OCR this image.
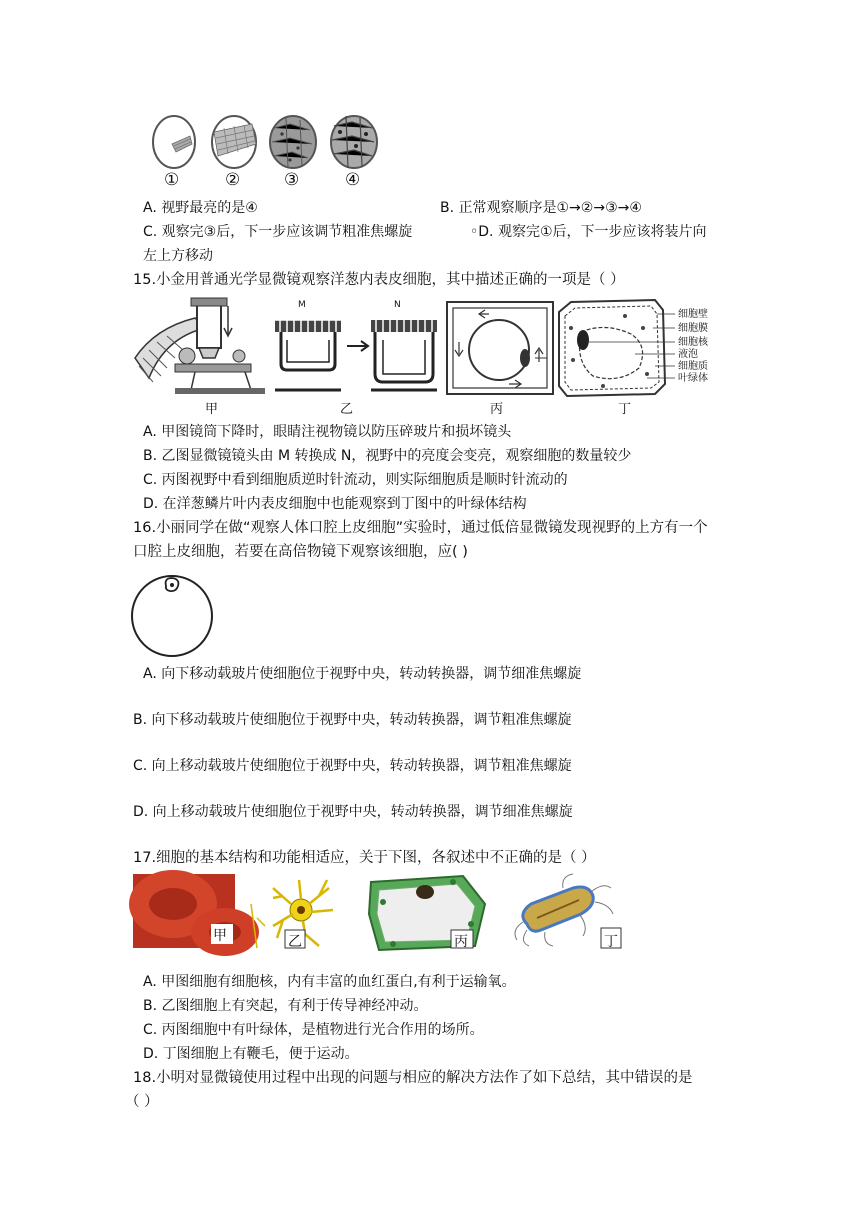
①	②	③	④
A. 视野最亮的是④	B. 正常观察顺序是①→②→③→④
C. 观察完③后，下一步应该调节粗准焦螺旋	◦D. 观察完①后，下一步应该将装片向
左上方移动
15.小金用普通光学显微镜观察洋葱内表皮细胞，其中描述正确的一项是（ ）
M	N
细胞壁
细胞膜
细胞核
液泡
细胞质
叶绿体
甲	乙	丙	丁
A. 甲图镜筒下降时，眼睛注视物镜以防压碎玻片和损坏镜头
B. 乙图显微镜镜头由 M 转换成 N，视野中的亮度会变亮，观察细胞的数量较少
C. 丙图视野中看到细胞质逆时针流动，则实际细胞质是顺时针流动的
D. 在洋葱鳞片叶内表皮细胞中也能观察到丁图中的叶绿体结构
16.小丽同学在做“观察人体口腔上皮细胞”实验时，通过低倍显微镜发现视野的上方有一个
口腔上皮细胞，若要在高倍物镜下观察该细胞，应( )
A. 向下移动载玻片使细胞位于视野中央，转动转换器，调节细准焦螺旋
B. 向下移动载玻片使细胞位于视野中央，转动转换器，调节粗准焦螺旋
C. 向上移动载玻片使细胞位于视野中央，转动转换器，调节粗准焦螺旋
D. 向上移动载玻片使细胞位于视野中央，转动转换器，调节细准焦螺旋
17.细胞的基本结构和功能相适应，关于下图，各叙述中不正确的是（ ）
甲	乙	丙	丁
A. 甲图细胞有细胞核，内有丰富的血红蛋白,有利于运输氧。
B. 乙图细胞上有突起，有利于传导神经冲动。
C. 丙图细胞中有叶绿体，是植物进行光合作用的场所。
D. 丁图细胞上有鞭毛，便于运动。
18.小明对显微镜使用过程中出现的问题与相应的解决方法作了如下总结，其中错误的是
（ ）
